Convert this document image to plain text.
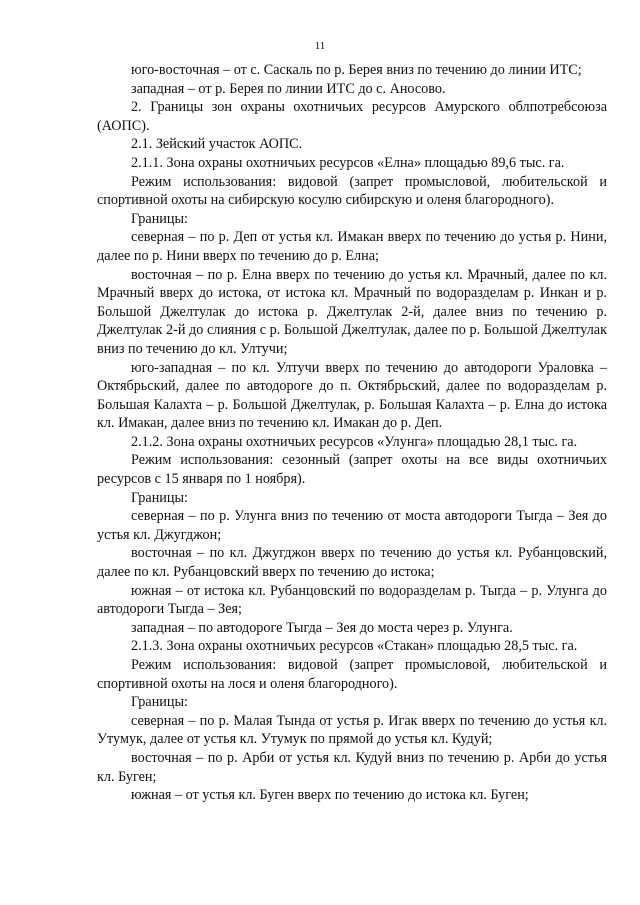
11

юго-восточная – от с. Саскаль по р. Берея вниз по течению до линии ИТС;

западная – от р. Берея по линии ИТС до с. Аносово.

2. Границы зон охраны охотничьих ресурсов Амурского облпотребсоюза (АОПС).

2.1. Зейский участок АОПС.

2.1.1. Зона охраны охотничьих ресурсов «Елна» площадью 89,6 тыс. га.

Режим использования: видовой (запрет промысловой, любительской и спортивной охоты на сибирскую косулю сибирскую и оленя благородного).

Границы:

северная – по р. Деп от устья кл. Имакан вверх по течению до устья р. Нини, далее по р. Нини вверх по течению до р. Елна;

восточная – по р. Елна вверх по течению до устья кл. Мрачный, далее по кл. Мрачный вверх до истока, от истока кл. Мрачный по водоразделам р. Инкан и р. Большой Джелтулак до истока р. Джелтулак 2-й, далее вниз по течению р. Джелтулак 2-й до слияния с р. Большой Джелтулак, далее по р. Большой Джелтулак вниз по течению до кл. Ултучи;

юго-западная – по кл. Ултучи вверх по течению до автодороги Ураловка – Октябрьский, далее по автодороге до п. Октябрьский, далее по водоразделам р. Большая Калахта – р. Большой Джелтулак, р. Большая Калахта – р. Елна до истока кл. Имакан, далее вниз по течению кл. Имакан до р. Деп.

2.1.2. Зона охраны охотничьих ресурсов «Улунга» площадью 28,1 тыс. га.

Режим использования: сезонный (запрет охоты на все виды охотничьих ресурсов с 15 января по 1 ноября).

Границы:

северная – по р. Улунга вниз по течению от моста автодороги Тыгда – Зея до устья кл. Джугджон;

восточная – по кл. Джугджон вверх по течению до устья кл. Рубанцовский, далее по кл. Рубанцовский вверх по течению до истока;

южная – от истока кл. Рубанцовский по водоразделам р. Тыгда – р. Улунга до автодороги Тыгда – Зея;

западная – по автодороге Тыгда – Зея до моста через р. Улунга.

2.1.3. Зона охраны охотничьих ресурсов «Стакан» площадью 28,5 тыс. га.

Режим использования: видовой (запрет промысловой, любительской и спортивной охоты на лося и оленя благородного).

Границы:

северная – по р. Малая Тында от устья р. Игак вверх по течению до устья кл. Утумук, далее от устья кл. Утумук по прямой до устья кл. Кудуй;

восточная – по р. Арби от устья кл. Кудуй вниз по течению р. Арби до устья кл. Буген;

южная – от устья кл. Буген вверх по течению до истока кл. Буген;
